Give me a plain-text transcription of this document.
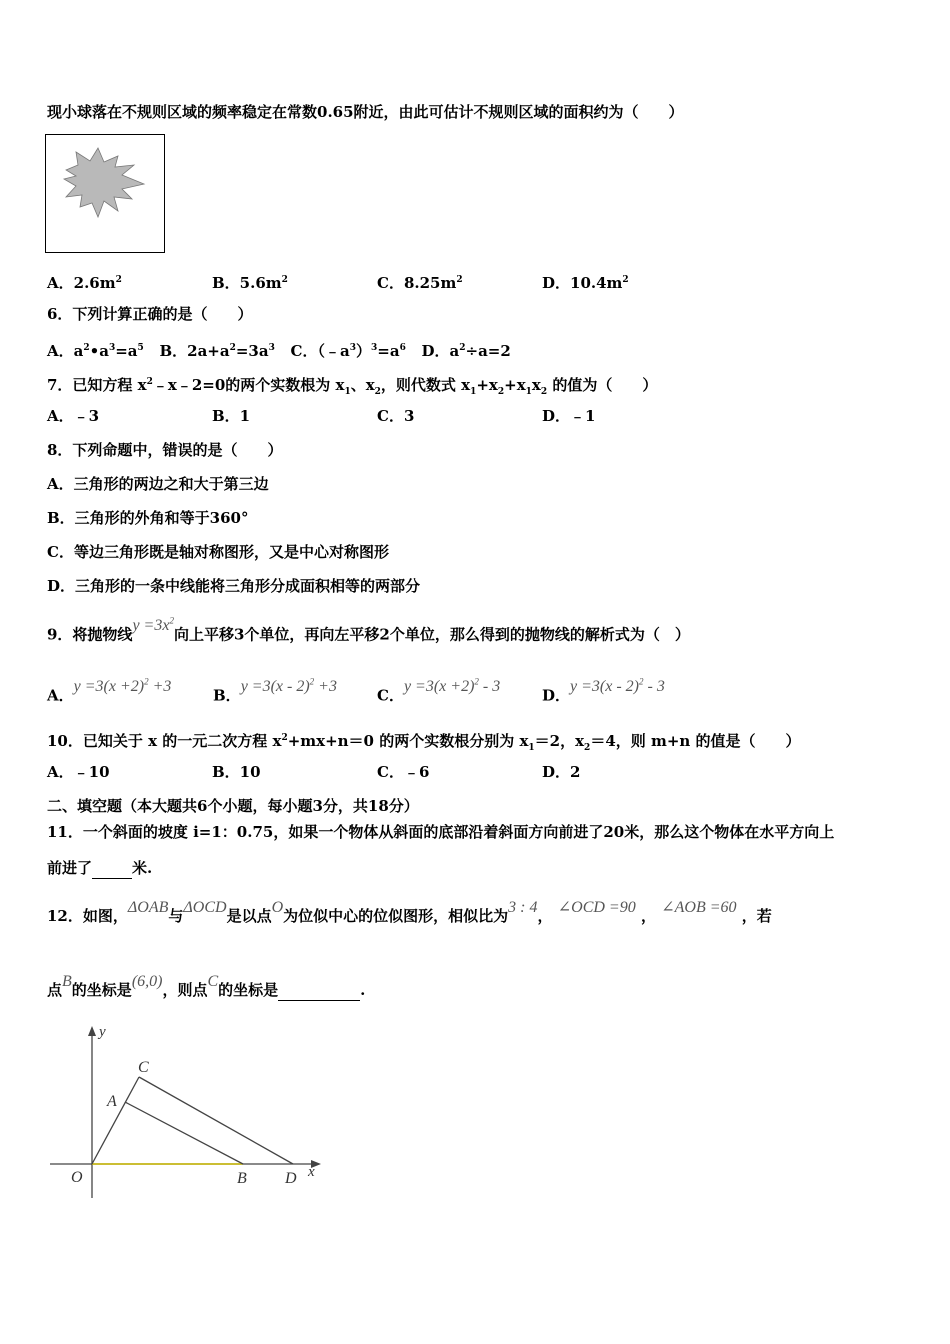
现小球落在不规则区域的频率稳定在常数0.65附近，由此可估计不规则区域的面积约为（　　）
A．$2.6m^2$	B．$5.6m^2$	C．$8.25m^2$	D．$10.4m^2$
6．下列计算正确的是（　　）
A．$a^2•a^3=a^5$ B．$2a+a^2=3a^3$ C．$(﹣a^3)^3=a^6$ D．$a^2\div a=2$
7．已知方程 $x^2﹣x﹣2=0$的两个实数根为 $x_1$、$x_2$，则代数式 $x_1+x_2+x_1x_2$ 的值为（　　）
A．﹣3	B．1	C．3	D．﹣1
8．下列命题中，错误的是（　　）
A．三角形的两边之和大于第三边
B．三角形的外角和等于360°
C．等边三角形既是轴对称图形，又是中心对称图形
D．三角形的一条中线能将三角形分成面积相等的两部分
9．将抛物线$y =3x^2$向上平移3个单位，再向左平移2个单位，那么得到的抛物线的解析式为（　）
A．$y =3(x +2)^2 +3$	B．y =3(x - 2)$^2$ +3	C．$y =3(x +2)^2 - 3$	D．y =3(x - 2)$^2$ - 3
10．已知关于 x 的一元二次方程 $x^2+mx+n=0$ 的两个实数根分别为 $x_1=2$，$x_2=4$，则 m+n 的值是（　　）
A．﹣10	B．10	C．﹣6	D．2
二、填空题（本大题共6个小题，每小题3分，共18分）
11．一个斜面的坡度 i=1：0.75，如果一个物体从斜面的底部沿着斜面方向前进了20米，那么这个物体在水平方向上
前进了	米.
12．如图，ΔOAB与ΔOCD是以点O为位似中心的位似图形，相似比为3 : 4， ∠OCD =90 ， ∠AOB =60 ，若
点B的坐标是(6,0)，则点C的坐标是	.
y
x
O
A
B
C
D
